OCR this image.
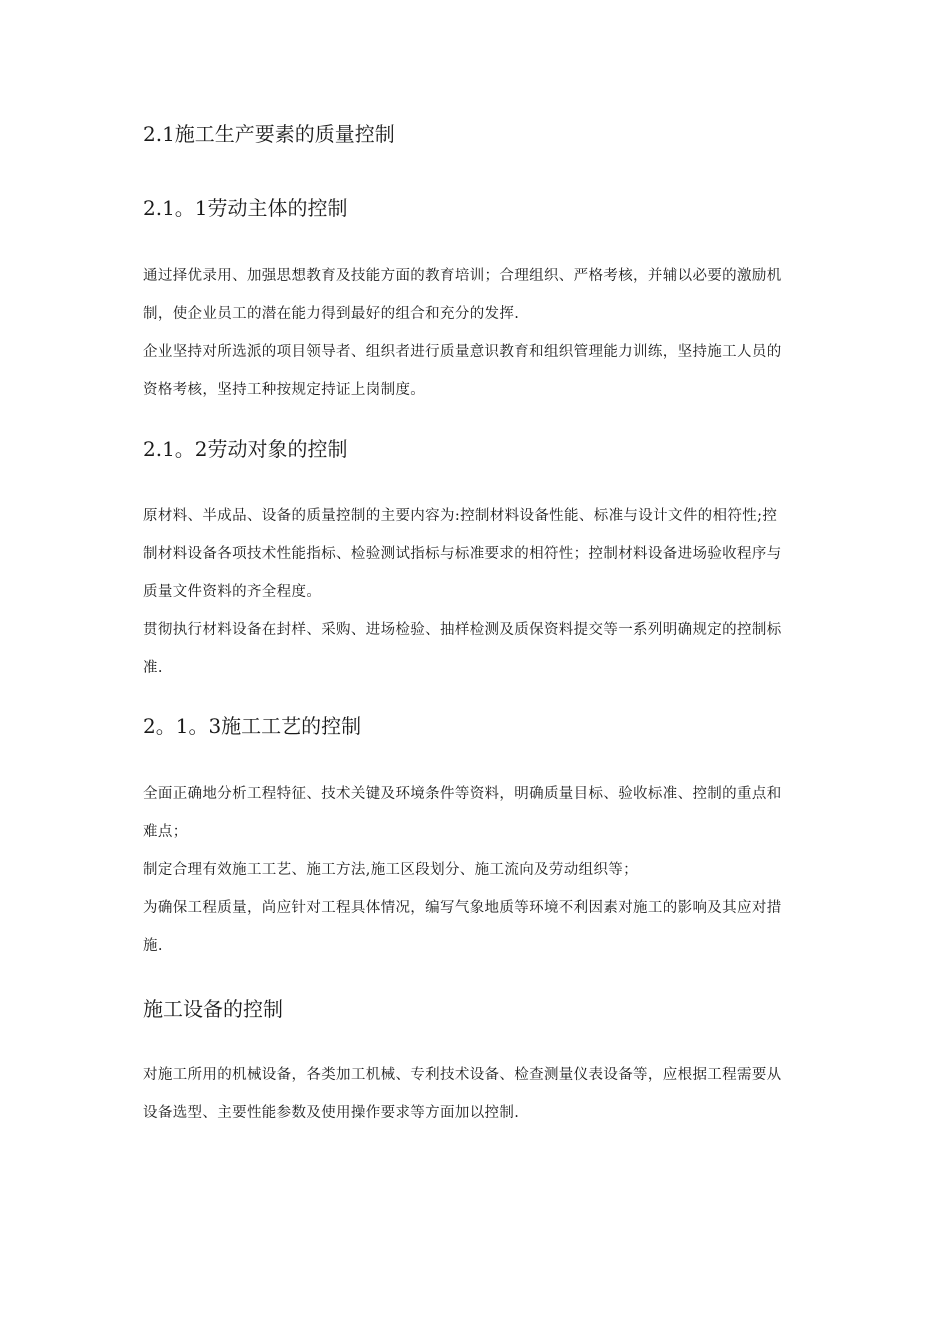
2.1施工生产要素的质量控制
2.1。1劳动主体的控制
通过择优录用、加强思想教育及技能方面的教育培训；合理组织、严格考核，并辅以必要的激励机
制，使企业员工的潜在能力得到最好的组合和充分的发挥.
企业坚持对所选派的项目领导者、组织者进行质量意识教育和组织管理能力训练，坚持施工人员的
资格考核，坚持工种按规定持证上岗制度。
2.1。2劳动对象的控制
原材料、半成品、设备的质量控制的主要内容为:控制材料设备性能、标准与设计文件的相符性;控
制材料设备各项技术性能指标、检验测试指标与标准要求的相符性；控制材料设备进场验收程序与
质量文件资料的齐全程度。
贯彻执行材料设备在封样、采购、进场检验、抽样检测及质保资料提交等一系列明确规定的控制标
准.
2。1。3施工工艺的控制
全面正确地分析工程特征、技术关键及环境条件等资料，明确质量目标、验收标准、控制的重点和
难点；
制定合理有效施工工艺、施工方法,施工区段划分、施工流向及劳动组织等；
为确保工程质量，尚应针对工程具体情况，编写气象地质等环境不利因素对施工的影响及其应对措
施.
施工设备的控制
对施工所用的机械设备，各类加工机械、专利技术设备、检查测量仪表设备等，应根据工程需要从
设备选型、主要性能参数及使用操作要求等方面加以控制.
